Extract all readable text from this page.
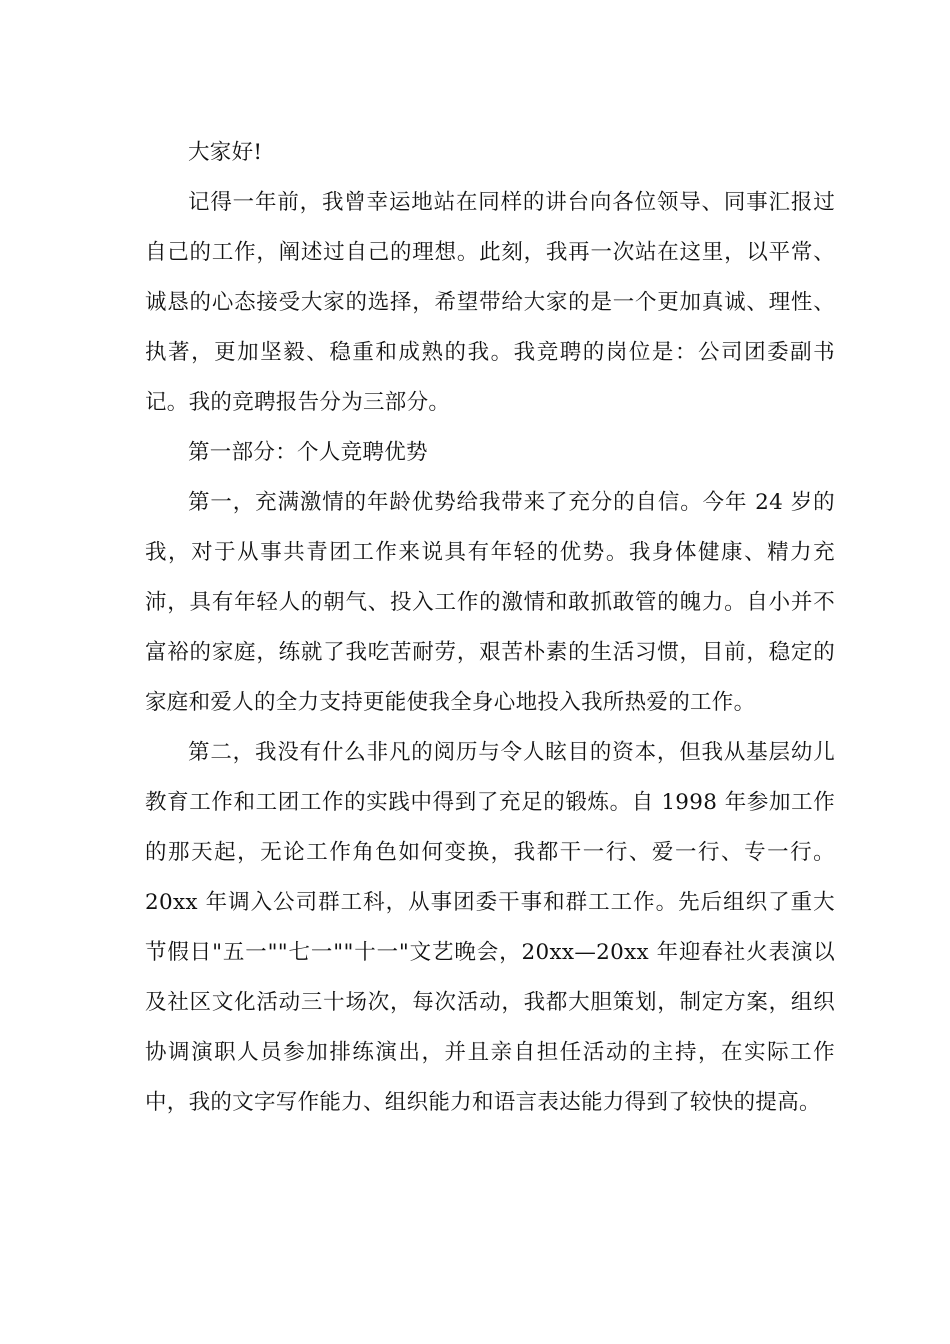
大家好!

记得一年前，我曾幸运地站在同样的讲台向各位领导、同事汇报过自己的工作，阐述过自己的理想。此刻，我再一次站在这里，以平常、诚恳的心态接受大家的选择，希望带给大家的是一个更加真诚、理性、执著，更加坚毅、稳重和成熟的我。我竞聘的岗位是：公司团委副书记。我的竞聘报告分为三部分。

第一部分：个人竞聘优势

第一，充满激情的年龄优势给我带来了充分的自信。今年 24 岁的我，对于从事共青团工作来说具有年轻的优势。我身体健康、精力充沛，具有年轻人的朝气、投入工作的激情和敢抓敢管的魄力。自小并不富裕的家庭，练就了我吃苦耐劳，艰苦朴素的生活习惯，目前，稳定的家庭和爱人的全力支持更能使我全身心地投入我所热爱的工作。

第二，我没有什么非凡的阅历与令人眩目的资本，但我从基层幼儿教育工作和工团工作的实践中得到了充足的锻炼。自 1998 年参加工作的那天起，无论工作角色如何变换，我都干一行、爱一行、专一行。20xx 年调入公司群工科，从事团委干事和群工工作。先后组织了重大节假日"五一""七一""十一"文艺晚会，20xx—20xx 年迎春社火表演以及社区文化活动三十场次，每次活动，我都大胆策划，制定方案，组织协调演职人员参加排练演出，并且亲自担任活动的主持，在实际工作中，我的文字写作能力、组织能力和语言表达能力得到了较快的提高。
